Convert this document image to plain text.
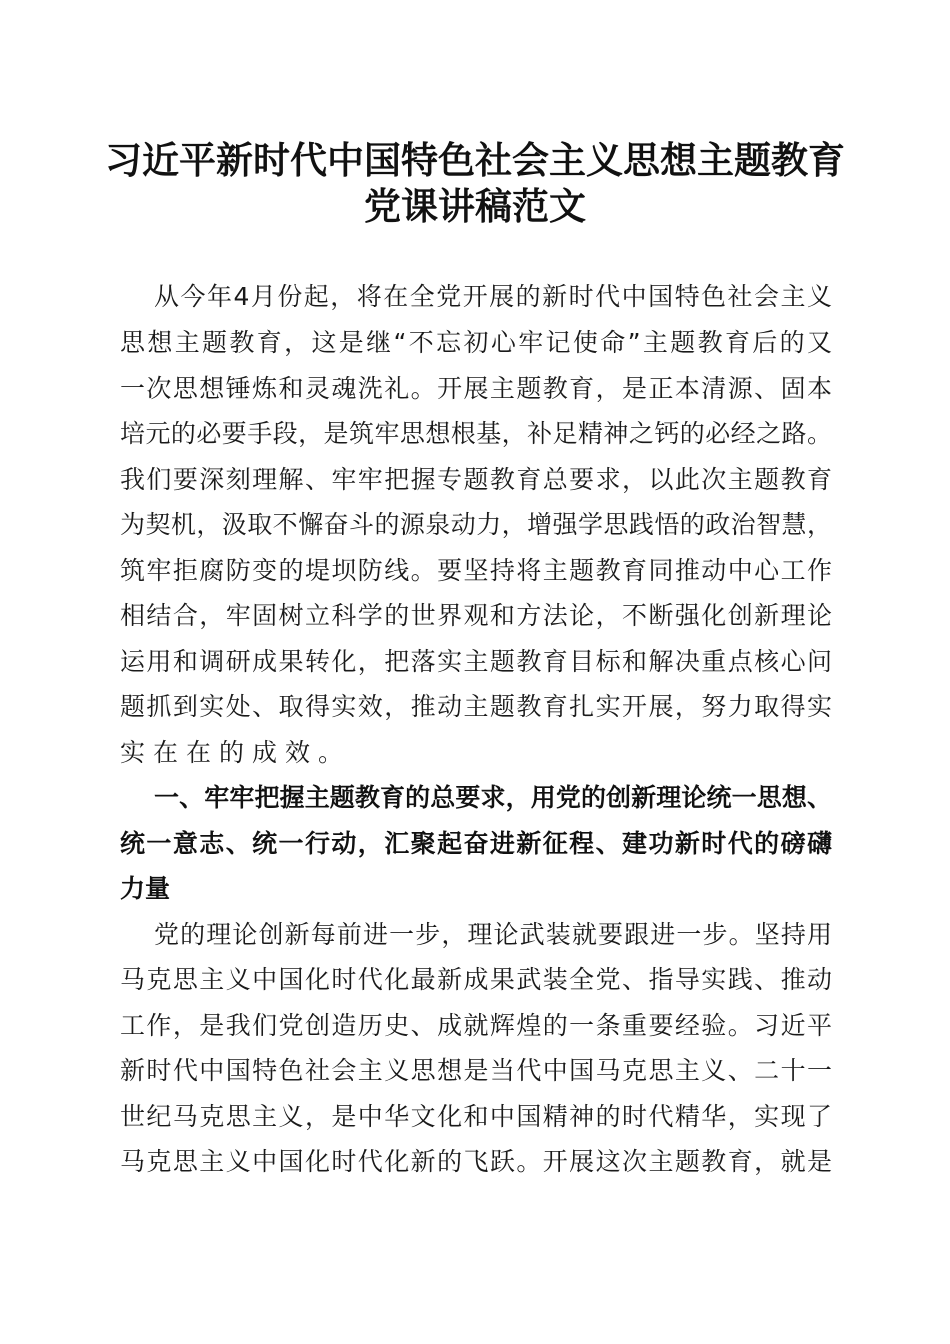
习近平新时代中国特色社会主义思想主题教育
党课讲稿范文
从今年4月份起，将在全党开展的新时代中国特色社会主义
思想主题教育，这是继“不忘初心牢记使命”主题教育后的又
一次思想锤炼和灵魂洗礼。开展主题教育，是正本清源、固本
培元的必要手段，是筑牢思想根基，补足精神之钙的必经之路。
我们要深刻理解、牢牢把握专题教育总要求，以此次主题教育
为契机，汲取不懈奋斗的源泉动力，增强学思践悟的政治智慧，
筑牢拒腐防变的堤坝防线。要坚持将主题教育同推动中心工作
相结合，牢固树立科学的世界观和方法论，不断强化创新理论
运用和调研成果转化，把落实主题教育目标和解决重点核心问
题抓到实处、取得实效，推动主题教育扎实开展，努力取得实
实在在的成效。
一、牢牢把握主题教育的总要求，用党的创新理论统一思想、
统一意志、统一行动，汇聚起奋进新征程、建功新时代的磅礴
力量
党的理论创新每前进一步，理论武装就要跟进一步。坚持用
马克思主义中国化时代化最新成果武装全党、指导实践、推动
工作，是我们党创造历史、成就辉煌的一条重要经验。习近平
新时代中国特色社会主义思想是当代中国马克思主义、二十一
世纪马克思主义，是中华文化和中国精神的时代精华，实现了
马克思主义中国化时代化新的飞跃。开展这次主题教育，就是
